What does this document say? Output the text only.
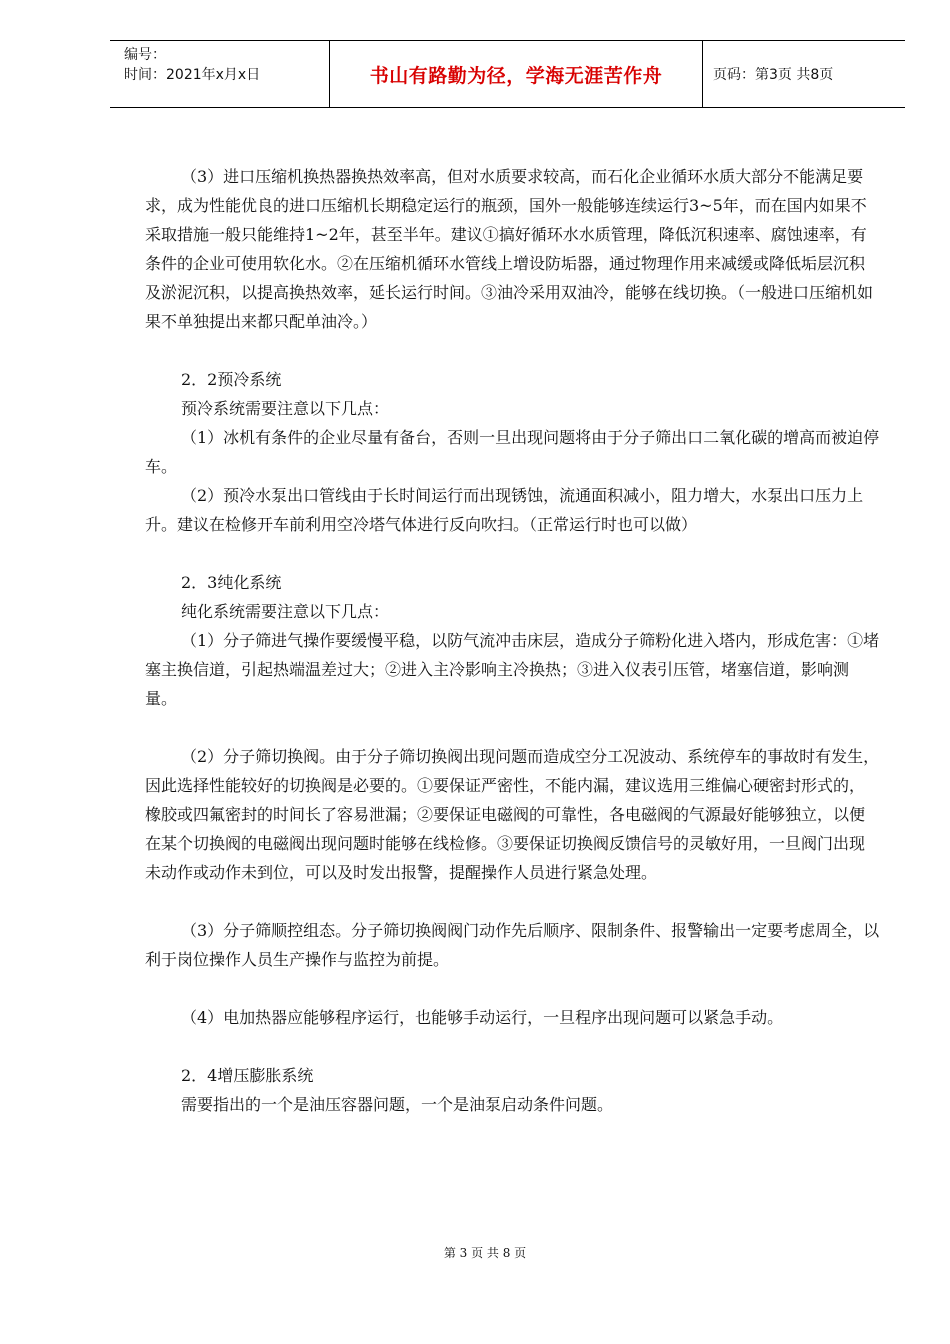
编号：
时间：2021年x月x日	书山有路勤为径，学海无涯苦作舟	页码：第3页 共8页

（3）进口压缩机换热器换热效率高，但对水质要求较高，而石化企业循环水质大部分不能满足要求，成为性能优良的进口压缩机长期稳定运行的瓶颈，国外一般能够连续运行3~5年，而在国内如果不采取措施一般只能维持1~2年，甚至半年。建议①搞好循环水水质管理，降低沉积速率、腐蚀速率，有条件的企业可使用软化水。②在压缩机循环水管线上增设防垢器，通过物理作用来减缓或降低垢层沉积及淤泥沉积，以提高换热效率，延长运行时间。③油冷采用双油冷，能够在线切换。（一般进口压缩机如果不单独提出来都只配单油冷。）

2．2预冷系统

预冷系统需要注意以下几点：

（1）冰机有条件的企业尽量有备台，否则一旦出现问题将由于分子筛出口二氧化碳的增高而被迫停车。

（2）预冷水泵出口管线由于长时间运行而出现锈蚀，流通面积减小，阻力增大，水泵出口压力上升。建议在检修开车前利用空冷塔气体进行反向吹扫。（正常运行时也可以做）

2．3纯化系统

纯化系统需要注意以下几点：

（1）分子筛进气操作要缓慢平稳，以防气流冲击床层，造成分子筛粉化进入塔内，形成危害：①堵塞主换信道，引起热端温差过大；②进入主冷影响主冷换热；③进入仪表引压管，堵塞信道，影响测量。

（2）分子筛切换阀。由于分子筛切换阀出现问题而造成空分工况波动、系统停车的事故时有发生，因此选择性能较好的切换阀是必要的。①要保证严密性，不能内漏，建议选用三维偏心硬密封形式的，橡胶或四氟密封的时间长了容易泄漏；②要保证电磁阀的可靠性，各电磁阀的气源最好能够独立，以便在某个切换阀的电磁阀出现问题时能够在线检修。③要保证切换阀反馈信号的灵敏好用，一旦阀门出现未动作或动作未到位，可以及时发出报警，提醒操作人员进行紧急处理。

（3）分子筛顺控组态。分子筛切换阀阀门动作先后顺序、限制条件、报警输出一定要考虑周全，以利于岗位操作人员生产操作与监控为前提。

（4）电加热器应能够程序运行，也能够手动运行，一旦程序出现问题可以紧急手动。

2．4增压膨胀系统

需要指出的一个是油压容器问题，一个是油泵启动条件问题。

第 3 页 共 8 页
